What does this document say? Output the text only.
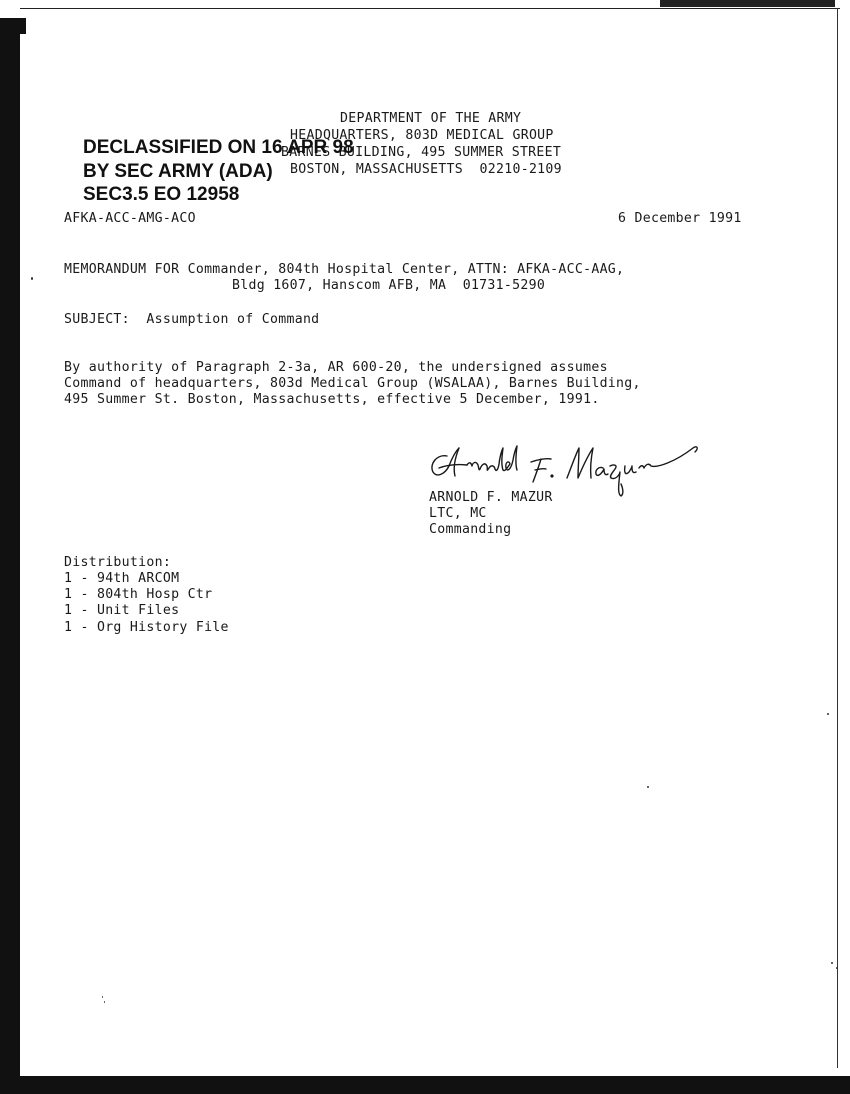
DEPARTMENT OF THE ARMY
HEADQUARTERS, 803D MEDICAL GROUP
BARNES BUILDING, 495 SUMMER STREET
BOSTON, MASSACHUSETTS  02210-2109
DECLASSIFIED ON 16 APR 98
BY SEC ARMY (ADA)
SEC3.5 EO 12958
AFKA-ACC-AMG-ACO	6 December 1991
MEMORANDUM FOR Commander, 804th Hospital Center, ATTN: AFKA-ACC-AAG,
Bldg 1607, Hanscom AFB, MA  01731-5290
SUBJECT:  Assumption of Command
By authority of Paragraph 2-3a, AR 600-20, the undersigned assumes
Command of headquarters, 803d Medical Group (WSALAA), Barnes Building,
495 Summer St. Boston, Massachusetts, effective 5 December, 1991.
ARNOLD F. MAZUR
LTC, MC
Commanding
Distribution:
1 - 94th ARCOM
1 - 804th Hosp Ctr
1 - Unit Files
1 - Org History File
